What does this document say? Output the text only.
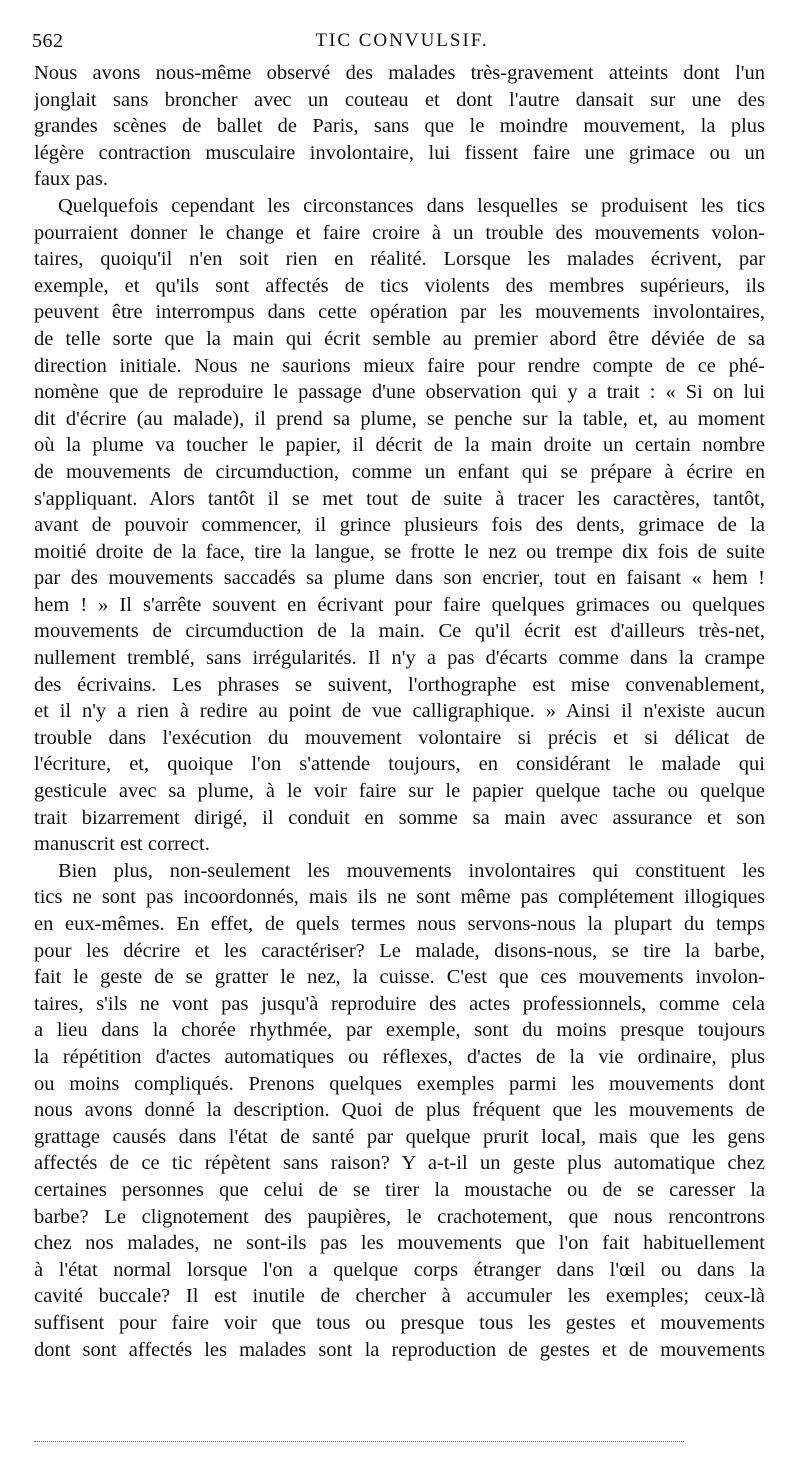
562	TIC CONVULSIF.
Nous avons nous-même observé des malades très-gravement atteints dont l'un
jonglait sans broncher avec un couteau et dont l'autre dansait sur une des
grandes scènes de ballet de Paris, sans que le moindre mouvement, la plus
légère contraction musculaire involontaire, lui fissent faire une grimace ou un
faux pas.
Quelquefois cependant les circonstances dans lesquelles se produisent les tics
pourraient donner le change et faire croire à un trouble des mouvements volon-
taires, quoiqu'il n'en soit rien en réalité. Lorsque les malades écrivent, par
exemple, et qu'ils sont affectés de tics violents des membres supérieurs, ils
peuvent être interrompus dans cette opération par les mouvements involontaires,
de telle sorte que la main qui écrit semble au premier abord être déviée de sa
direction initiale. Nous ne saurions mieux faire pour rendre compte de ce phé-
nomène que de reproduire le passage d'une observation qui y a trait : « Si on lui
dit d'écrire (au malade), il prend sa plume, se penche sur la table, et, au moment
où la plume va toucher le papier, il décrit de la main droite un certain nombre
de mouvements de circumduction, comme un enfant qui se prépare à écrire en
s'appliquant. Alors tantôt il se met tout de suite à tracer les caractères, tantôt,
avant de pouvoir commencer, il grince plusieurs fois des dents, grimace de la
moitié droite de la face, tire la langue, se frotte le nez ou trempe dix fois de suite
par des mouvements saccadés sa plume dans son encrier, tout en faisant « hem !
hem ! » Il s'arrête souvent en écrivant pour faire quelques grimaces ou quelques
mouvements de circumduction de la main. Ce qu'il écrit est d'ailleurs très-net,
nullement tremblé, sans irrégularités. Il n'y a pas d'écarts comme dans la crampe
des écrivains. Les phrases se suivent, l'orthographe est mise convenablement,
et il n'y a rien à redire au point de vue calligraphique. » Ainsi il n'existe aucun
trouble dans l'exécution du mouvement volontaire si précis et si délicat de
l'écriture, et, quoique l'on s'attende toujours, en considérant le malade qui
gesticule avec sa plume, à le voir faire sur le papier quelque tache ou quelque
trait bizarrement dirigé, il conduit en somme sa main avec assurance et son
manuscrit est correct.
Bien plus, non-seulement les mouvements involontaires qui constituent les
tics ne sont pas incoordonnés, mais ils ne sont même pas complétement illogiques
en eux-mêmes. En effet, de quels termes nous servons-nous la plupart du temps
pour les décrire et les caractériser? Le malade, disons-nous, se tire la barbe,
fait le geste de se gratter le nez, la cuisse. C'est que ces mouvements involon-
taires, s'ils ne vont pas jusqu'à reproduire des actes professionnels, comme cela
a lieu dans la chorée rhythmée, par exemple, sont du moins presque toujours
la répétition d'actes automatiques ou réflexes, d'actes de la vie ordinaire, plus
ou moins compliqués. Prenons quelques exemples parmi les mouvements dont
nous avons donné la description. Quoi de plus fréquent que les mouvements de
grattage causés dans l'état de santé par quelque prurit local, mais que les gens
affectés de ce tic répètent sans raison? Y a-t-il un geste plus automatique chez
certaines personnes que celui de se tirer la moustache ou de se caresser la
barbe? Le clignotement des paupières, le crachotement, que nous rencontrons
chez nos malades, ne sont-ils pas les mouvements que l'on fait habituellement
à l'état normal lorsque l'on a quelque corps étranger dans l'œil ou dans la
cavité buccale? Il est inutile de chercher à accumuler les exemples; ceux-là
suffisent pour faire voir que tous ou presque tous les gestes et mouvements
dont sont affectés les malades sont la reproduction de gestes et de mouvements
